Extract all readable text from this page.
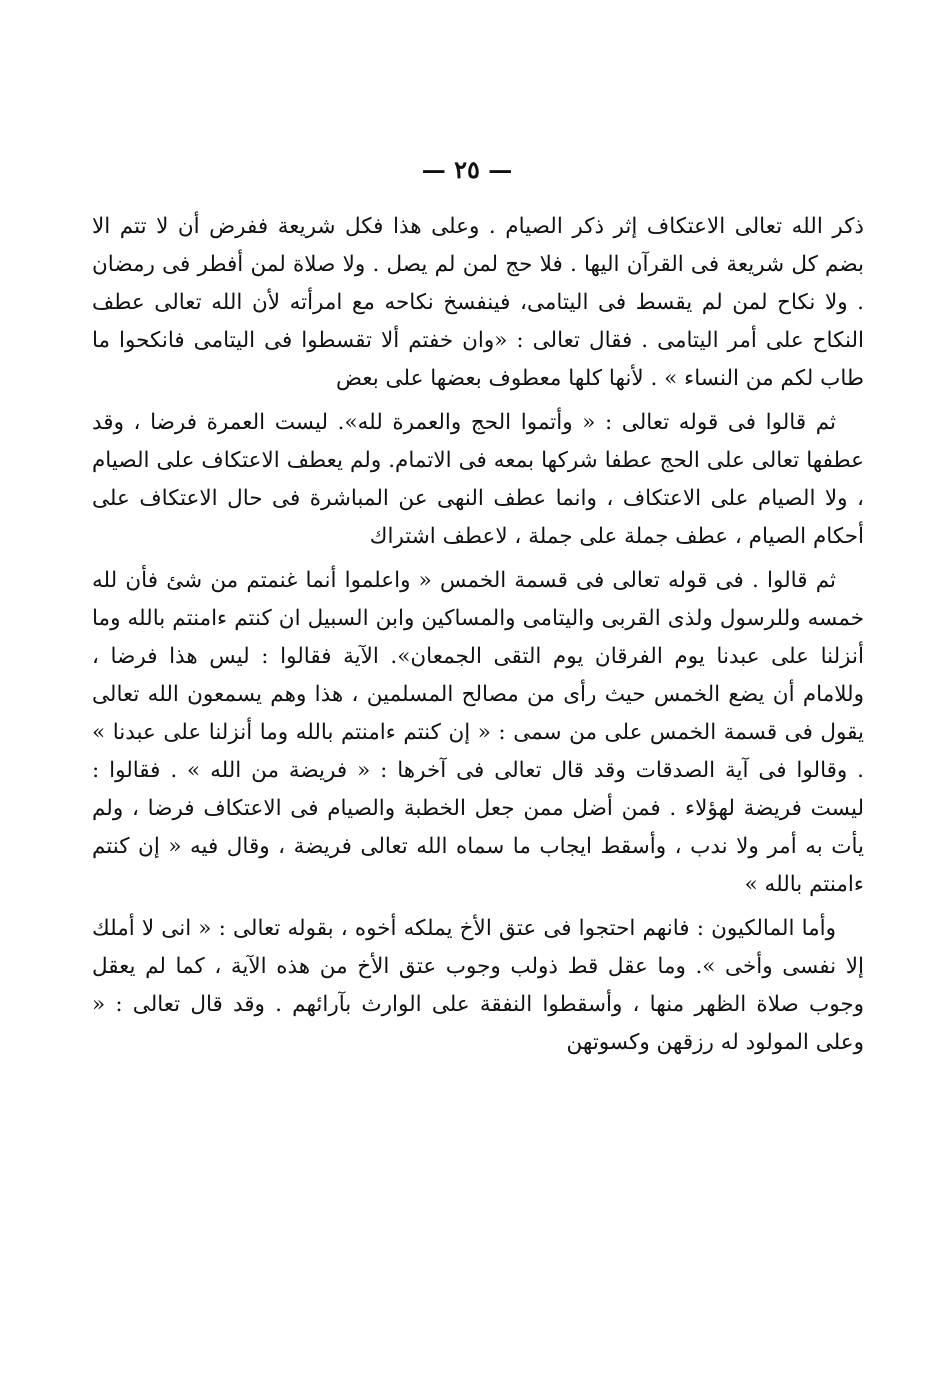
— ٢٥ —

ذكر الله تعالى الاعتكاف إثر ذكر الصيام . وعلى هذا فكل شريعة ففرض أن لا تتم الا بضم كل شريعة فى القرآن اليها . فلا حج لمن لم يصل . ولا صلاة لمن أفطر فى رمضان . ولا نكاح لمن لم يقسط فى اليتامى، فينفسخ نكاحه مع امرأته لأن الله تعالى عطف النكاح على أمر اليتامى . فقال تعالى : «وان خفتم ألا تقسطوا فى اليتامى فانكحوا ما طاب لكم من النساء » . لأنها كلها معطوف بعضها على بعض

ثم قالوا فى قوله تعالى : « وأتموا الحج والعمرة لله». ليست العمرة فرضا ، وقد عطفها تعالى على الحج عطفا شركها بمعه فى الاتمام. ولم يعطف الاعتكاف على الصيام ، ولا الصيام على الاعتكاف ، وانما عطف النهى عن المباشرة فى حال الاعتكاف على أحكام الصيام ، عطف جملة على جملة ، لاعطف اشتراك

ثم قالوا . فى قوله تعالى فى قسمة الخمس « واعلموا أنما غنمتم من شئ فأن لله خمسه وللرسول ولذى القربى واليتامى والمساكين وابن السبيل ان كنتم ءامنتم بالله وما أنزلنا على عبدنا يوم الفرقان يوم التقى الجمعان». الآية فقالوا : ليس هذا فرضا ، وللامام أن يضع الخمس حيث رأى من مصالح المسلمين ، هذا وهم يسمعون الله تعالى يقول فى قسمة الخمس على من سمى : « إن كنتم ءامنتم بالله وما أنزلنا على عبدنا » . وقالوا فى آية الصدقات وقد قال تعالى فى آخرها : « فريضة من الله » . فقالوا : ليست فريضة لهؤلاء . فمن أضل ممن جعل الخطبة والصيام فى الاعتكاف فرضا ، ولم يأت به أمر ولا ندب ، وأسقط ايجاب ما سماه الله تعالى فريضة ، وقال فيه « إن كنتم ءامنتم بالله »

وأما المالكيون : فانهم احتجوا فى عتق الأخ يملكه أخوه ، بقوله تعالى : « انى لا أملك إلا نفسى وأخى ». وما عقل قط ذولب وجوب عتق الأخ من هذه الآية ، كما لم يعقل وجوب صلاة الظهر منها ، وأسقطوا النفقة على الوارث بآرائهم . وقد قال تعالى : « وعلى المولود له رزقهن وكسوتهن
